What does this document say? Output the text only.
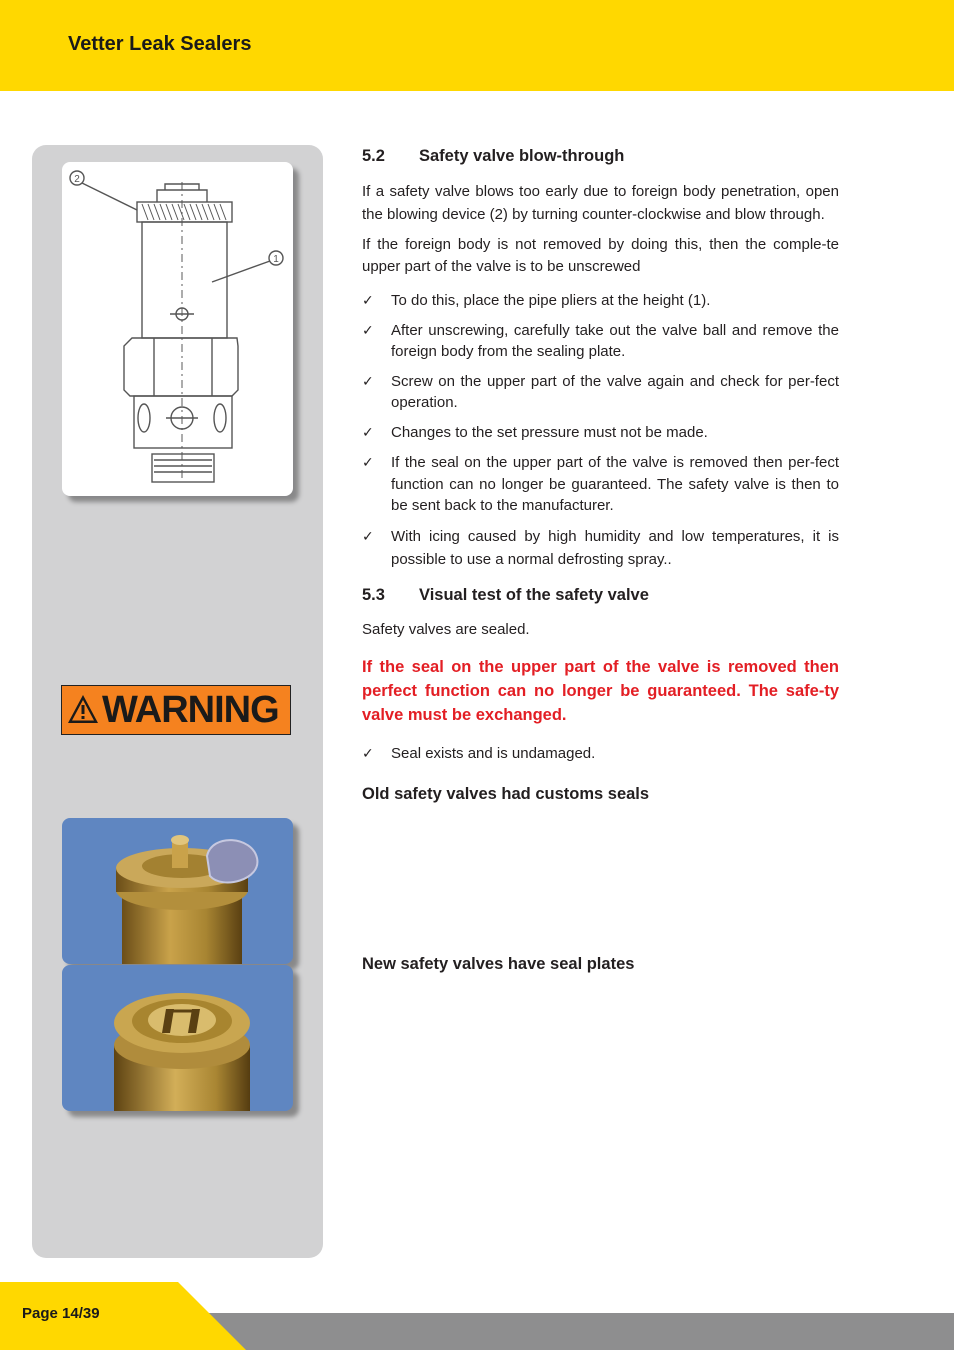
Vetter Leak Sealers
2
1
WARNING
5.2 Safety valve blow-through

If a safety valve blows too early due to foreign body penetration, open the blowing device (2) by turning counter-clockwise and blow through.

If the foreign body is not removed by doing this, then the comple-te upper part of the valve is to be unscrewed

✓ To do this, place the pipe pliers at the height (1).
✓ After unscrewing, carefully take out the valve ball and remove the foreign body from the sealing plate.
✓ Screw on the upper part of the valve again and check for per-fect operation.
✓ Changes to the set pressure must not be made.
✓ If the seal on the upper part of the valve is removed then per-fect function can no longer be guaranteed. The safety valve is then to be sent back to the manufacturer.
✓ With icing caused by high humidity and low temperatures, it is possible to use a normal defrosting spray..
5.3 Visual test of the safety valve

Safety valves are sealed.

If the seal on the upper part of the valve is removed then perfect function can no longer be guaranteed. The safe-ty valve must be exchanged.

✓ Seal exists and is undamaged.
Old safety valves had customs seals
New safety valves have seal plates
Page 14/39
